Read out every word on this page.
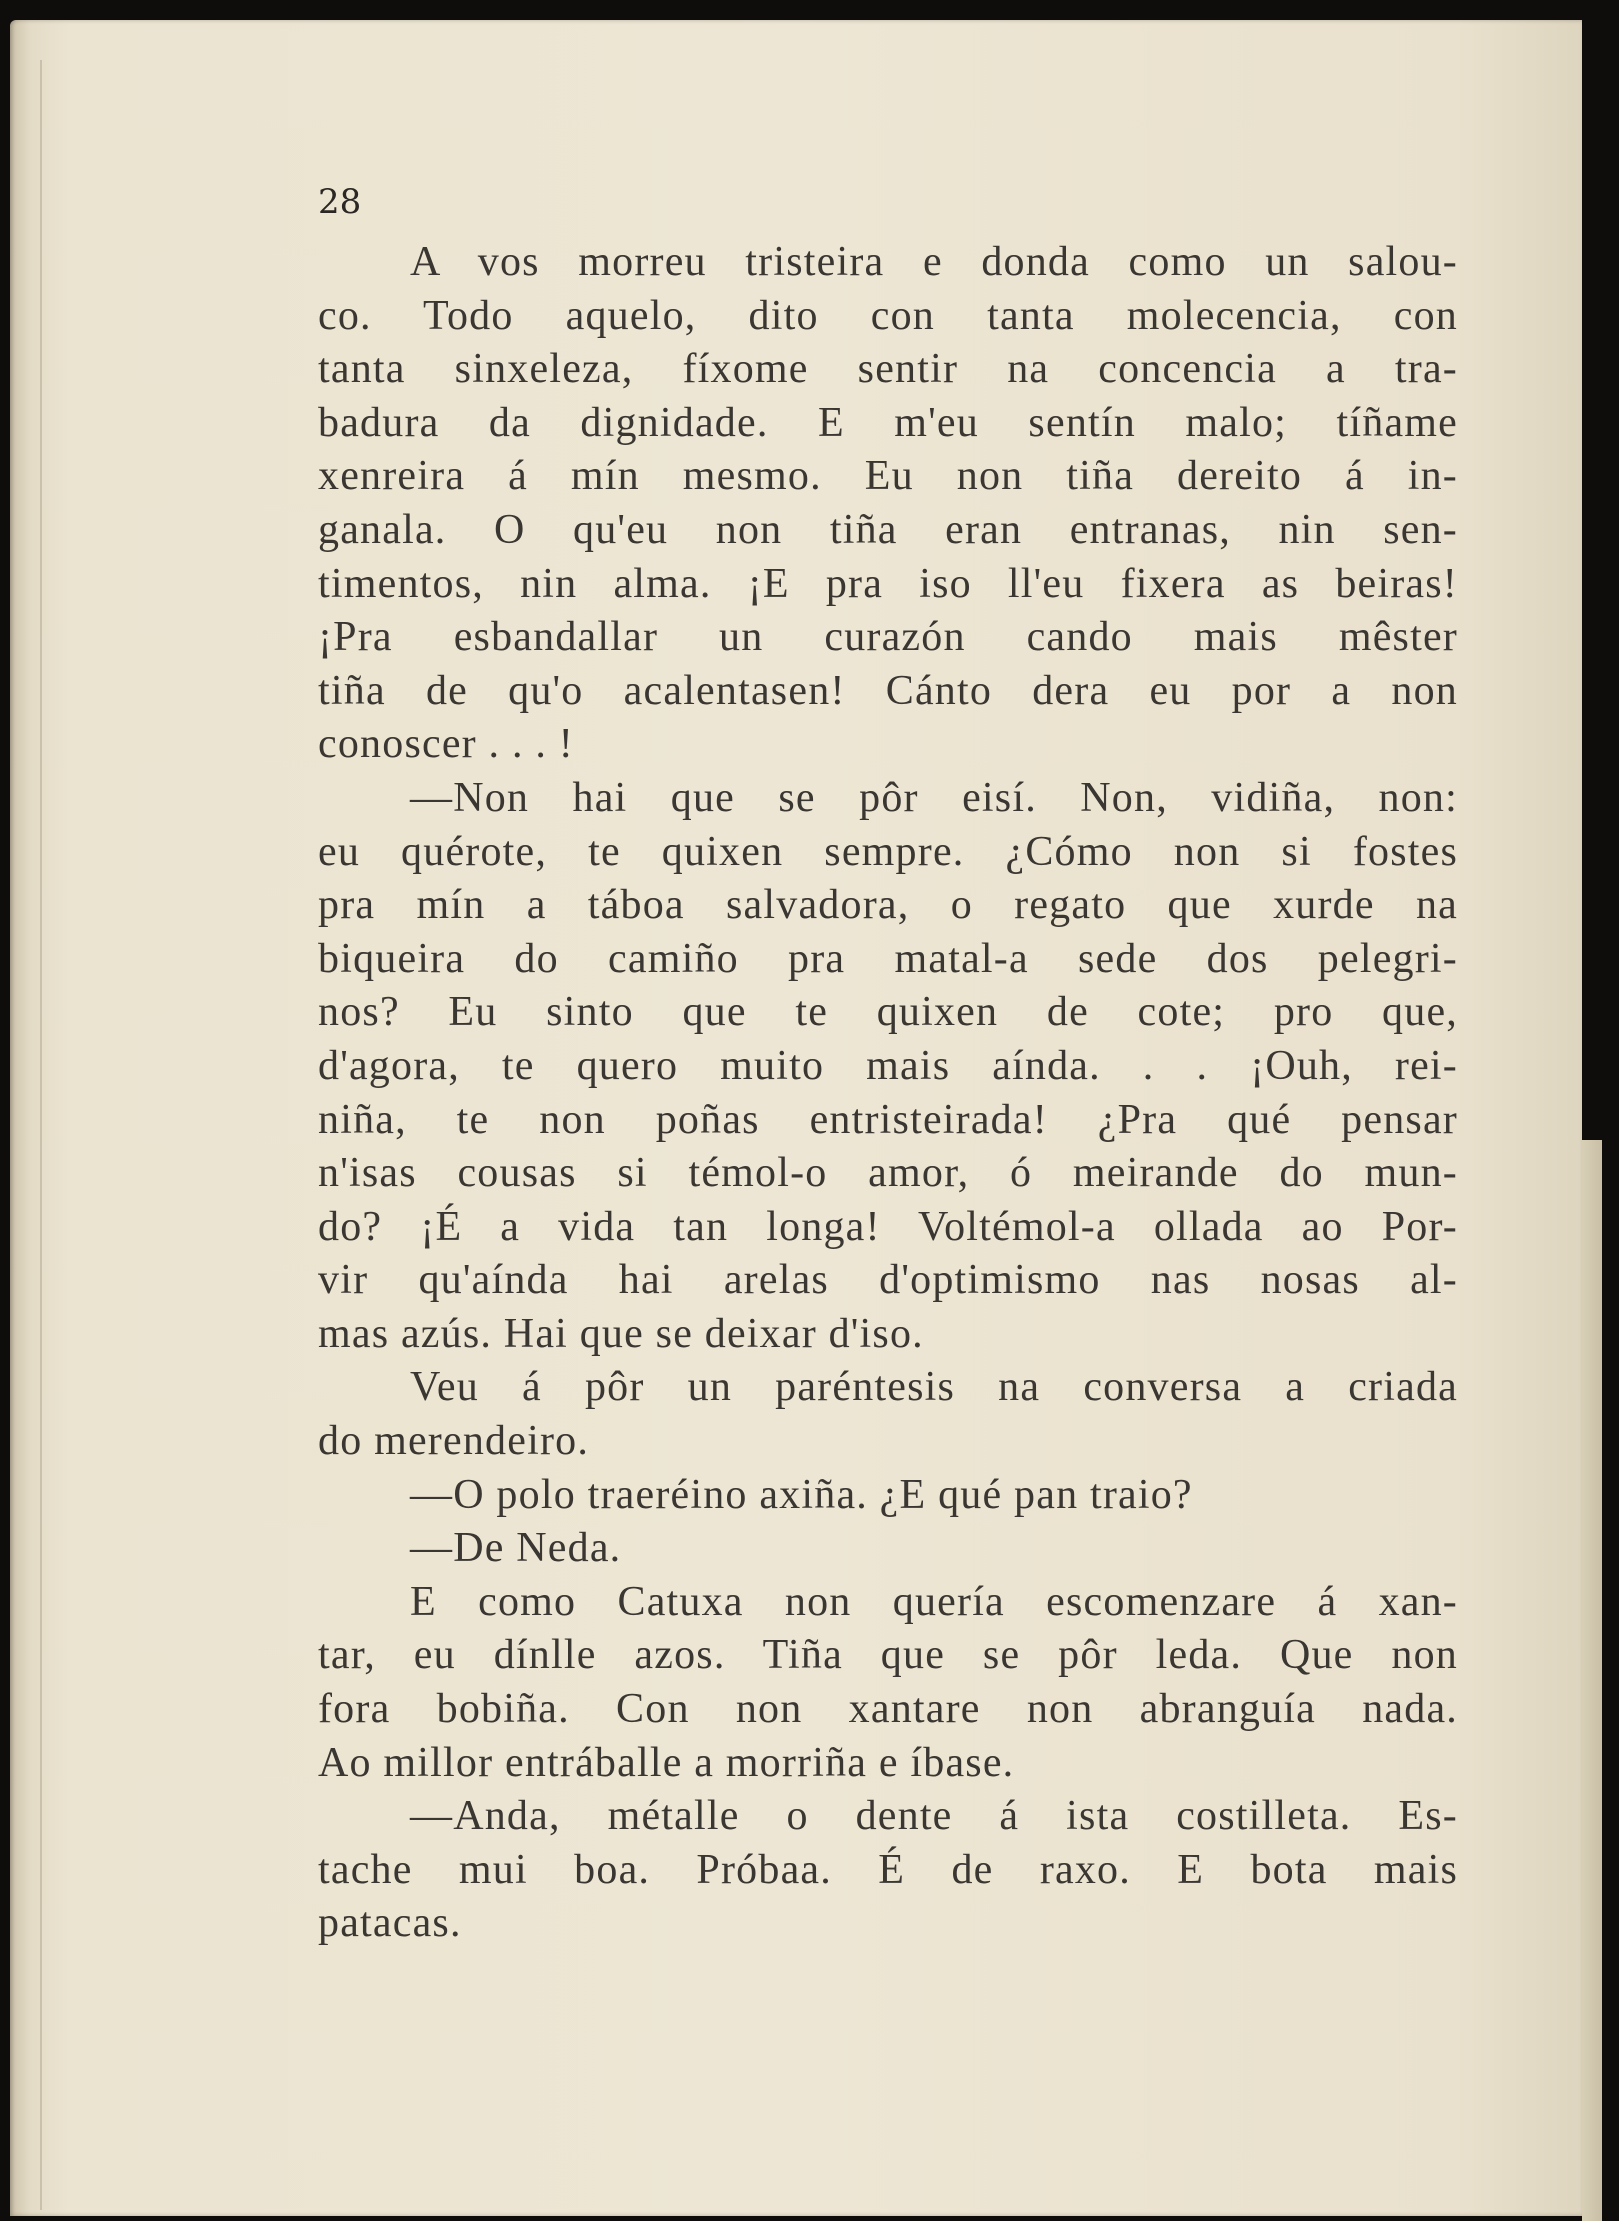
28
A vos morreu tristeira e donda como un salou-
co. Todo aquelo, dito con tanta molecencia, con
tanta sinxeleza, fíxome sentir na concencia a tra-
badura da dignidade. E m'eu sentín malo; tíñame
xenreira á mín mesmo. Eu non tiña dereito á in-
ganala. O qu'eu non tiña eran entranas, nin sen-
timentos, nin alma. ¡E pra iso ll'eu fixera as beiras!
¡Pra esbandallar un curazón cando mais mêster
tiña de qu'o acalentasen! Cánto dera eu por a non
conoscer . . . !
—Non hai que se pôr eisí. Non, vidiña, non:
eu quérote, te quixen sempre. ¿Cómo non si fostes
pra mín a táboa salvadora, o regato que xurde na
biqueira do camiño pra matal-a sede dos pelegri-
nos? Eu sinto que te quixen de cote; pro que,
d'agora, te quero muito mais aínda. . . ¡Ouh, rei-
niña, te non poñas entristeirada! ¿Pra qué pensar
n'isas cousas si témol-o amor, ó meirande do mun-
do? ¡É a vida tan longa! Voltémol-a ollada ao Por-
vir qu'aínda hai arelas d'optimismo nas nosas al-
mas azús. Hai que se deixar d'iso.
Veu á pôr un paréntesis na conversa a criada
do merendeiro.
—O polo traeréino axiña. ¿E qué pan traio?
—De Neda.
E como Catuxa non quería escomenzare á xan-
tar, eu dínlle azos. Tiña que se pôr leda. Que non
fora bobiña. Con non xantare non abranguía nada.
Ao millor entráballe a morriña e íbase.
—Anda, métalle o dente á ista costilleta. Es-
tache mui boa. Próbaa. É de raxo. E bota mais
patacas.
